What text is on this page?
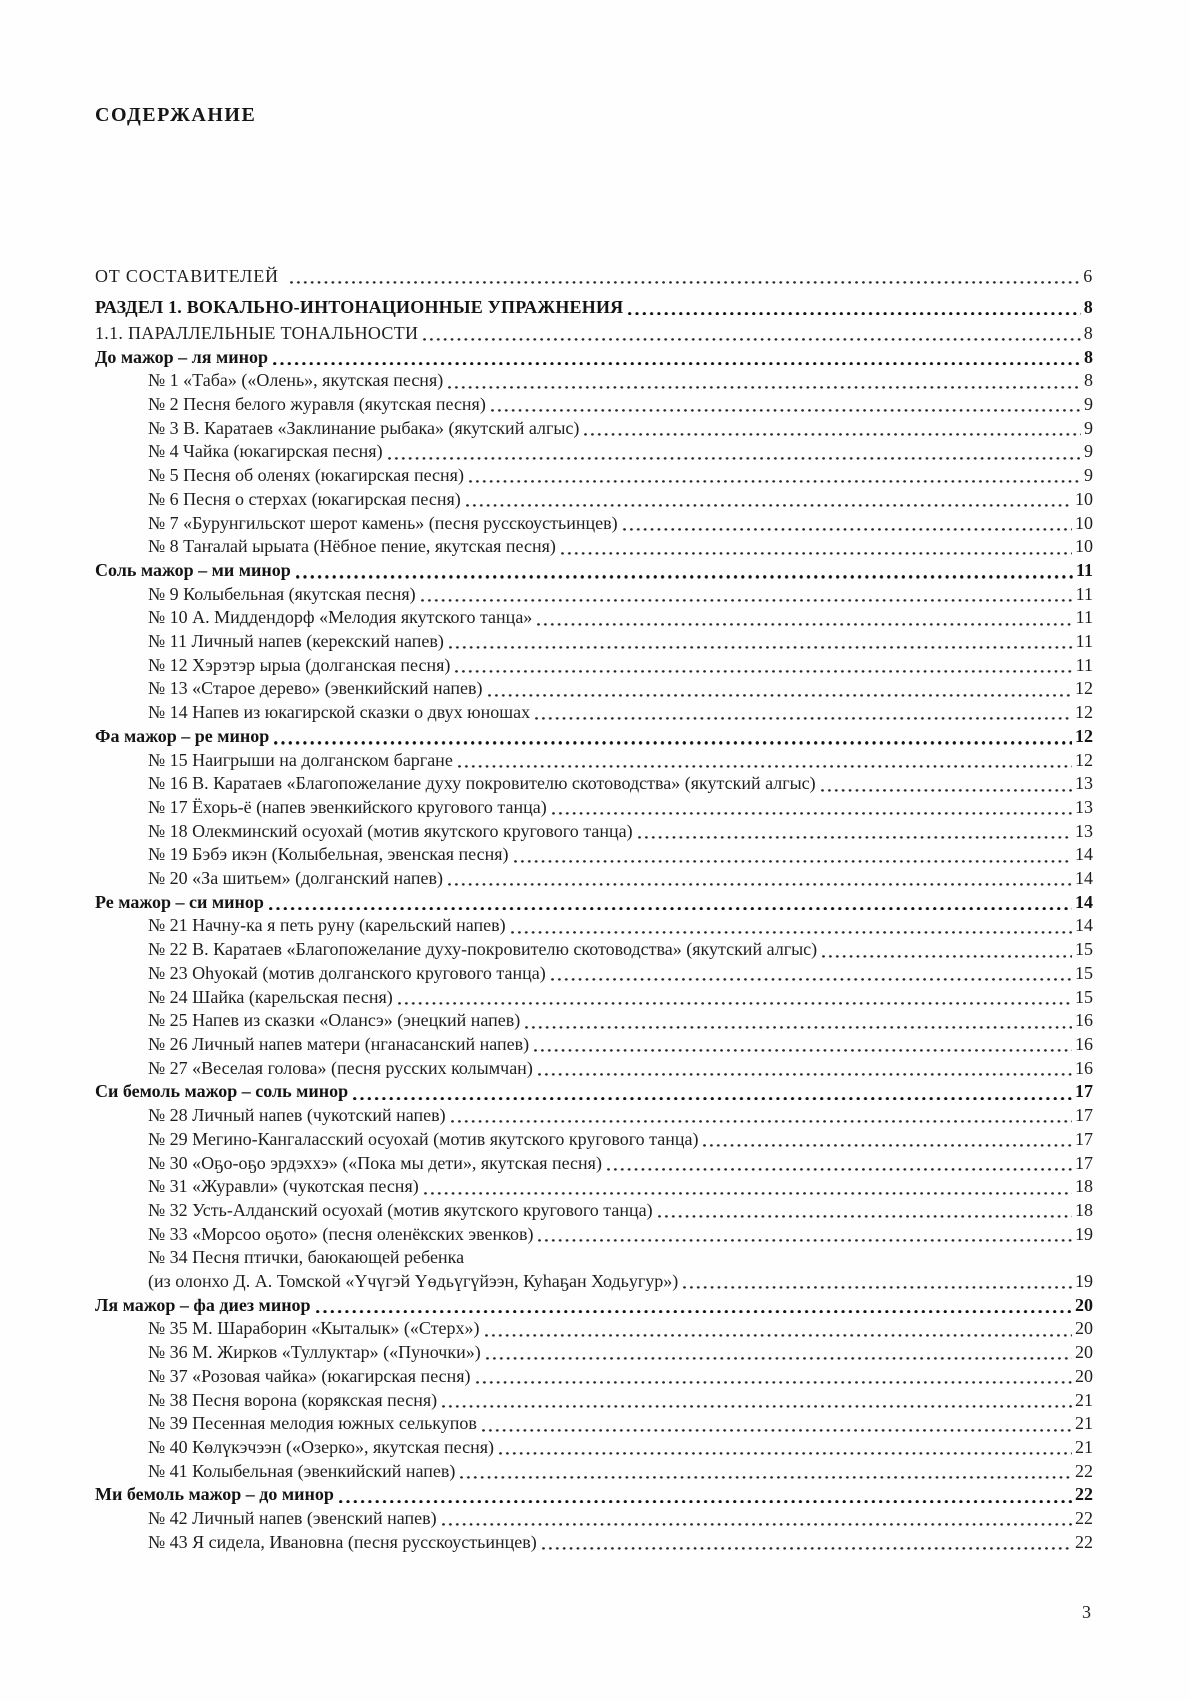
СОДЕРЖАНИЕ
ОТ СОСТАВИТЕЛЕЙ	6
РАЗДЕЛ 1. ВОКАЛЬНО-ИНТОНАЦИОННЫЕ УПРАЖНЕНИЯ	8
1.1. ПАРАЛЛЕЛЬНЫЕ ТОНАЛЬНОСТИ	8
До мажор – ля минор	8
№ 1 «Таба» («Олень», якутская песня)	8
№ 2 Песня белого журавля (якутская песня)	9
№ 3 В. Каратаев «Заклинание рыбака» (якутский алгыс)	9
№ 4 Чайка (юкагирская песня)	9
№ 5 Песня об оленях (юкагирская песня)	9
№ 6 Песня о стерхах (юкагирская песня)	10
№ 7 «Бурунгильскот шерот камень» (песня русскоустьинцев)	10
№ 8 Таҥалай ырыата (Нёбное пение, якутская песня)	10
Соль мажор – ми минор	11
№ 9 Колыбельная (якутская песня)	11
№ 10 А. Миддендорф «Мелодия якутского танца»	11
№ 11 Личный напев (керекский напев)	11
№ 12 Хэрэтэр ырыа (долганская песня)	11
№ 13 «Старое дерево» (эвенкийский напев)	12
№ 14 Напев из юкагирской сказки о двух юношах	12
Фа мажор – ре минор	12
№ 15 Наигрыши на долганском баргане	12
№ 16 В. Каратаев «Благопожелание духу покровителю скотоводства» (якутский алгыс)	13
№ 17 Ёхорь-ё (напев эвенкийского кругового танца)	13
№ 18 Олекминский осуохай (мотив якутского кругового танца)	13
№ 19 Бэбэ икэн (Колыбельная, эвенская песня)	14
№ 20 «За шитьем» (долганский напев)	14
Ре мажор – си минор	14
№ 21 Начну-ка я петь руну (карельский напев)	14
№ 22 В. Каратаев «Благопожелание духу-покровителю скотоводства» (якутский алгыс)	15
№ 23 Оһуокай (мотив долганского кругового танца)	15
№ 24 Шайка (карельская песня)	15
№ 25 Напев из сказки «Олансэ» (энецкий напев)	16
№ 26 Личный напев матери (нганасанский напев)	16
№ 27 «Веселая голова» (песня русских колымчан)	16
Си бемоль мажор – соль минор	17
№ 28 Личный напев (чукотский напев)	17
№ 29 Мегино-Кангаласский осуохай (мотив якутского кругового танца)	17
№ 30 «Оҕо-оҕо эрдэххэ» («Пока мы дети», якутская песня)	17
№ 31 «Журавли» (чукотская песня)	18
№ 32 Усть-Алданский осуохай (мотив якутского кругового танца)	18
№ 33 «Морсоо оҕото» (песня оленёкских эвенков)	19
№ 34 Песня птички, баюкающей ребенка
(из олонхо Д. А. Томской «Үчүгэй Үөдьүгүйээн, Куһаҕан Ходьугур»)	19
Ля мажор – фа диез минор	20
№ 35 М. Шараборин «Кыталык» («Стерх»)	20
№ 36 М. Жирков «Туллуктар» («Пуночки»)	20
№ 37 «Розовая чайка» (юкагирская песня)	20
№ 38 Песня ворона (корякская песня)	21
№ 39 Песенная мелодия южных селькупов	21
№ 40 Көлүкэчээн («Озерко», якутская песня)	21
№ 41 Колыбельная (эвенкийский напев)	22
Ми бемоль мажор – до минор	22
№ 42 Личный напев (эвенский напев)	22
№ 43 Я сидела, Ивановна (песня русскоустьинцев)	22
3
